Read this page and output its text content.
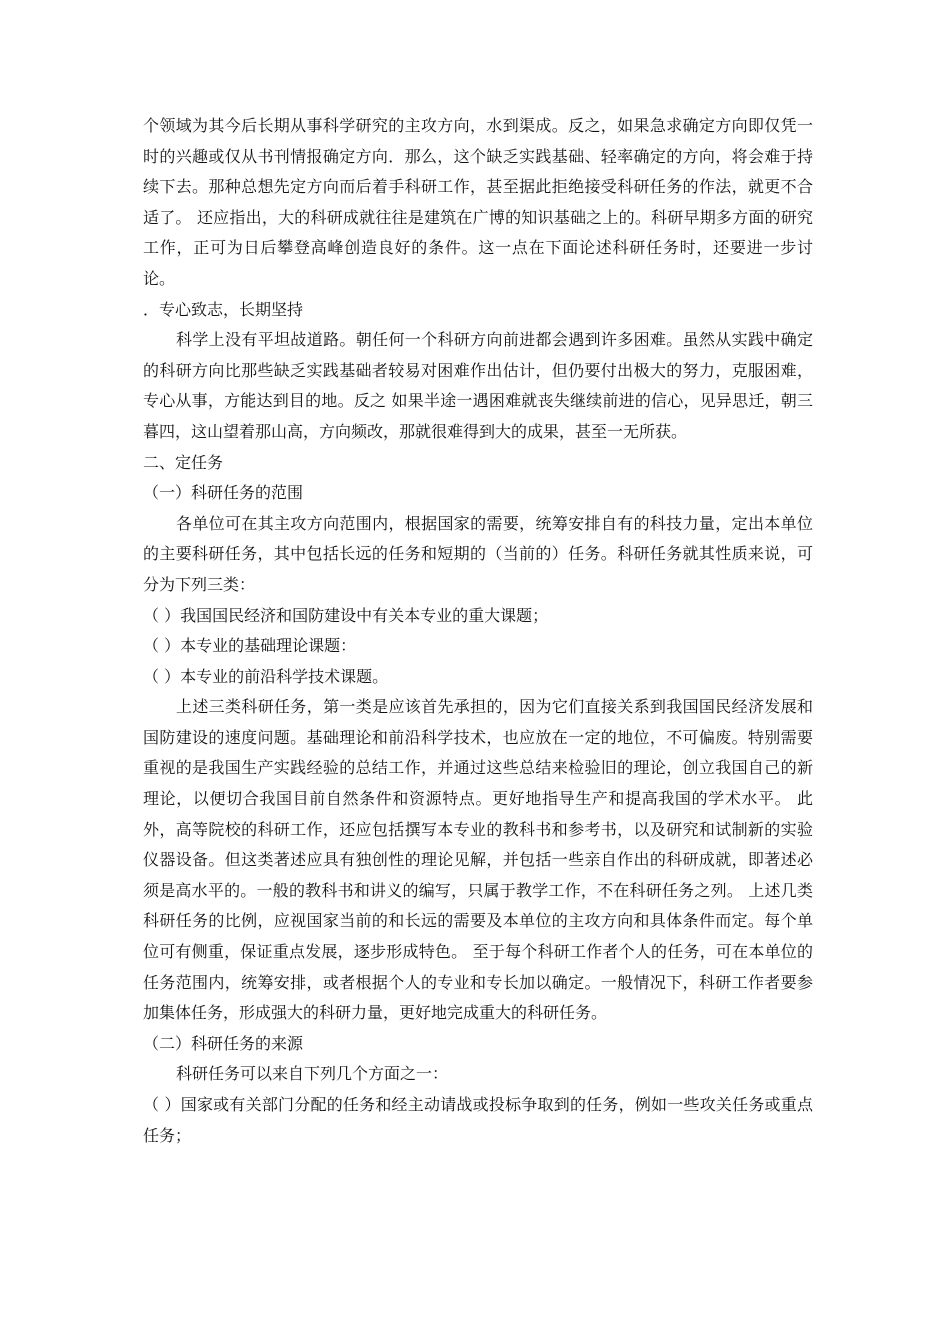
个领域为其今后长期从事科学研究的主攻方向，水到渠成。反之，如果急求确定方向即仅凭一时的兴趣或仅从书刊情报确定方向．那么，这个缺乏实践基础、轻率确定的方向，将会难于持续下去。那种总想先定方向而后着手科研工作，甚至据此拒绝接受科研任务的作法，就更不合适了。 还应指出，大的科研成就往往是建筑在广博的知识基础之上的。科研早期多方面的研究工作，正可为日后攀登高峰创造良好的条件。这一点在下面论述科研任务时，还要进一步讨论。

．专心致志，长期坚持

科学上没有平坦敁道路。朝任何一个科研方向前进都会遇到许多困难。虽然从实践中确定的科研方向比那些缺乏实践基础者较易对困难作出估计，但仍要付出极大的努力，克服困难，专心从事，方能达到目的地。反之 如果半途一遇困难就丧失继续前进的信心，见异思迁，朝三暮四，这山望着那山高，方向频改，那就很难得到大的成果，甚至一无所获。

二、定任务

（一）科研任务的范围

各单位可在其主攻方向范围内，根据国家的需要，统筹安排自有的科技力量，定出本单位的主要科研任务，其中包括长远的任务和短期的（当前的）任务。科研任务就其性质来说，可分为下列三类：

（ ）我国国民经济和国防建设中有关本专业的重大课题；

（ ）本专业的基础理论课题：

（ ）本专业的前沿科学技术课题。

上述三类科研任务，第一类是应该首先承担的，因为它们直接关系到我国国民经济发展和国防建设的速度问题。基础理论和前沿科学技术，也应放在一定的地位，不可偏废。特别需要重视的是我国生产实践经验的总结工作，并通过这些总结来检验旧的理论，创立我国自己的新理论，以便切合我国目前自然条件和资源特点。更好地指导生产和提高我国的学术水平。 此外，高等院校的科研工作，还应包括撰写本专业的教科书和参考书，以及研究和试制新的实验仪器设备。但这类著述应具有独创性的理论见解，并包括一些亲自作出的科研成就，即著述必须是高水平的。一般的教科书和讲义的编写，只属于教学工作，不在科研任务之列。 上述几类科研任务的比例，应视国家当前的和长远的需要及本单位的主攻方向和具体条件而定。每个单位可有侧重，保证重点发展，逐步形成特色。 至于每个科研工作者个人的任务，可在本单位的任务范围内，统筹安排，或者根据个人的专业和专长加以确定。一般情况下，科研工作者要参加集体任务，形成强大的科研力量，更好地完成重大的科研任务。

（二）科研任务的来源

科研任务可以来自下列几个方面之一：

（ ）国家或有关部门分配的任务和经主动请战或投标争取到的任务，例如一些攻关任务或重点任务；
